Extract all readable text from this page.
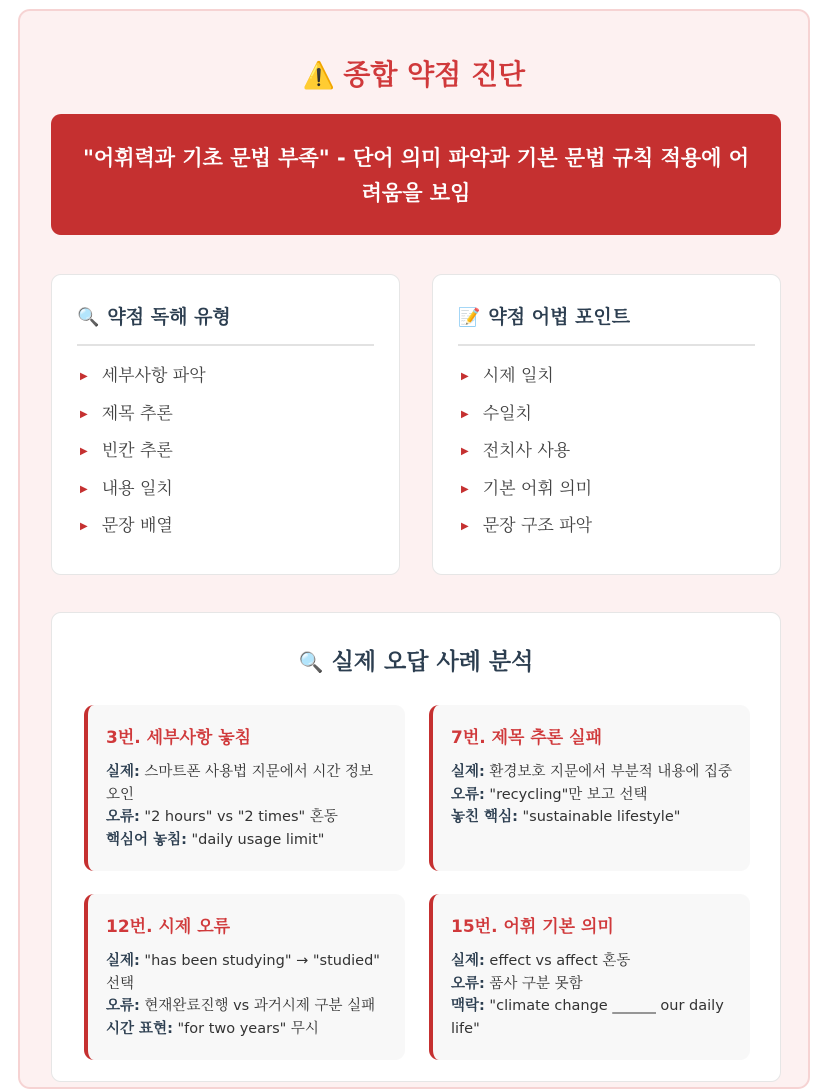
⚠️ 종합 약점 진단
"어휘력과 기초 문법 부족" - 단어 의미 파악과 기본 문법 규칙 적용에 어려움을 보임
🔍 약점 독해 유형
▶ 세부사항 파악
▶ 제목 추론
▶ 빈칸 추론
▶ 내용 일치
▶ 문장 배열
📝 약점 어법 포인트
▶ 시제 일치
▶ 수일치
▶ 전치사 사용
▶ 기본 어휘 의미
▶ 문장 구조 파악
🔍 실제 오답 사례 분석
3번. 세부사항 놓침
실제: 스마트폰 사용법 지문에서 시간 정보 오인
오류: "2 hours" vs "2 times" 혼동
핵심어 놓침: "daily usage limit"
7번. 제목 추론 실패
실제: 환경보호 지문에서 부분적 내용에 집중
오류: "recycling"만 보고 선택
놓친 핵심: "sustainable lifestyle"
12번. 시제 오류
실제: "has been studying" → "studied" 선택
오류: 현재완료진행 vs 과거시제 구분 실패
시간 표현: "for two years" 무시
15번. 어휘 기본 의미
실제: effect vs affect 혼동
오류: 품사 구분 못함
맥락: "climate change ______ our daily life"
